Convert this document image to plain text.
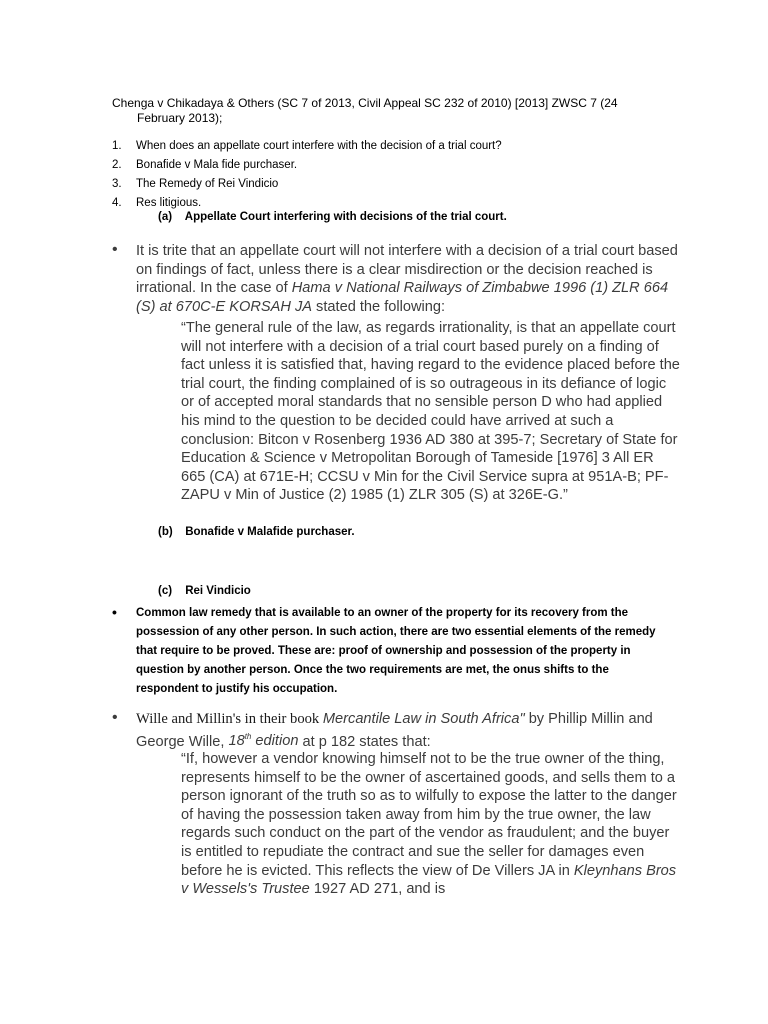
Chenga v Chikadaya & Others (SC 7 of 2013, Civil Appeal SC 232 of 2010) [2013] ZWSC 7 (24
February 2013);
1.	When does an appellate court interfere with the decision of a trial court?
2.	Bonafide v Mala fide purchaser.
3.	The Remedy of Rei Vindicio
4.	Res litigious.
(a) Appellate Court interfering with decisions of the trial court.
•	It is trite that an appellate court will not interfere with a decision of a trial court based on findings of fact, unless there is a clear misdirection or the decision reached is irrational. In the case of Hama v National Railways of Zimbabwe 1996 (1) ZLR 664 (S) at 670C-E KORSAH JA stated the following:
“The general rule of the law, as regards irrationality, is that an appellate court will not interfere with a decision of a trial court based purely on a finding of fact unless it is satisfied that, having regard to the evidence placed before the trial court, the finding complained of is so outrageous in its defiance of logic or of accepted moral standards that no sensible person D who had applied his mind to the question to be decided could have arrived at such a conclusion: Bitcon v Rosenberg 1936 AD 380 at 395-7; Secretary of State for Education & Science v Metropolitan Borough of Tameside [1976] 3 All ER 665 (CA) at 671E-H; CCSU v Min for the Civil Service supra at 951A-B; PF-ZAPU v Min of Justice (2) 1985 (1) ZLR 305 (S) at 326E-G.”
(b) Bonafide v Malafide purchaser.
(c) Rei Vindicio
•	Common law remedy that is available to an owner of the property for its recovery from the possession of any other person. In such action, there are two essential elements of the remedy that require to be proved. These are: proof of ownership and possession of the property in question by another person. Once the two requirements are met, the onus shifts to the respondent to justify his occupation.
•	Wille and Millin's in their book Mercantile Law in South Africa" by Phillip Millin and George Wille, 18th edition at p 182 states that:
“If, however a vendor knowing himself not to be the true owner of the thing, represents himself to be the owner of ascertained goods, and sells them to a person ignorant of the truth so as to wilfully to expose the latter to the danger of having the possession taken away from him by the true owner, the law regards such conduct on the part of the vendor as fraudulent; and the buyer is entitled to repudiate the contract and sue the seller for damages even before he is evicted. This reflects the view of De Villers JA in Kleynhans Bros v Wessels's Trustee 1927 AD 271, and is
